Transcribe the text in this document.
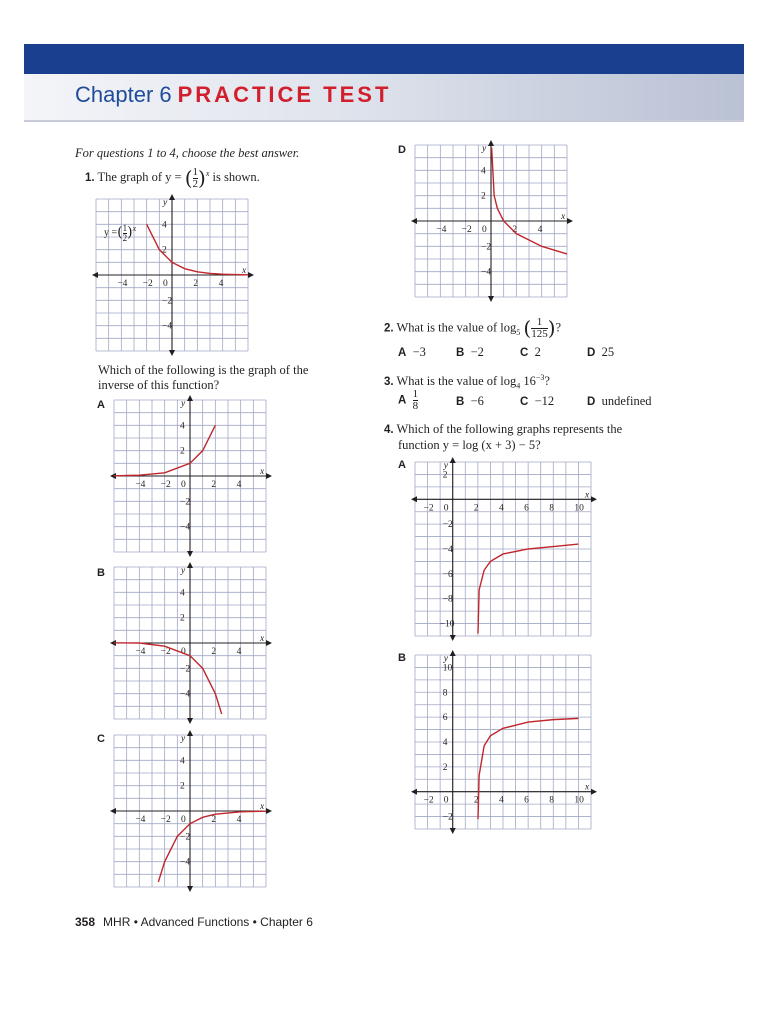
Chapter 6 PRACTICE TEST
For questions 1 to 4, choose the best answer.
1. The graph of y = ( $\frac{1}{2} )^x$ is shown.
x
y
−4 −2 0	2 4
4
2
−2
−4
y =( $\frac{1}{2} )^x$
Which of the following is the graph of the
inverse of this function?
A
x
y
−4 −2 0	2 4
4
2
−2
−4
B
x
y
−4 −2 0	2 4
4
2
−2
−4
C
x
y
−4 −2 0	2 4
4
2
−2
−4
D
x
y
−4 −2 0	2 4
4
2
−2
−4
2. What is the value of $\log_5$ ( $\frac{1}{125}$ )?
A −3	B −2	C 2	D 25
3. What is the value of $\log_4 16^{-3}$?
A $\frac{1}{8}$	B −6	C −12	D undefined
4. Which of the following graphs represents the
function y = log (x + 3) − 5?
A
x
y
−2 0	2 4 6 8 10
2
−2
−4
−6
−8
−10
B
x
y
−2 0	2 4 6 8 10
10
8
6
4
2
−2
358 MHR • Advanced Functions • Chapter 6
